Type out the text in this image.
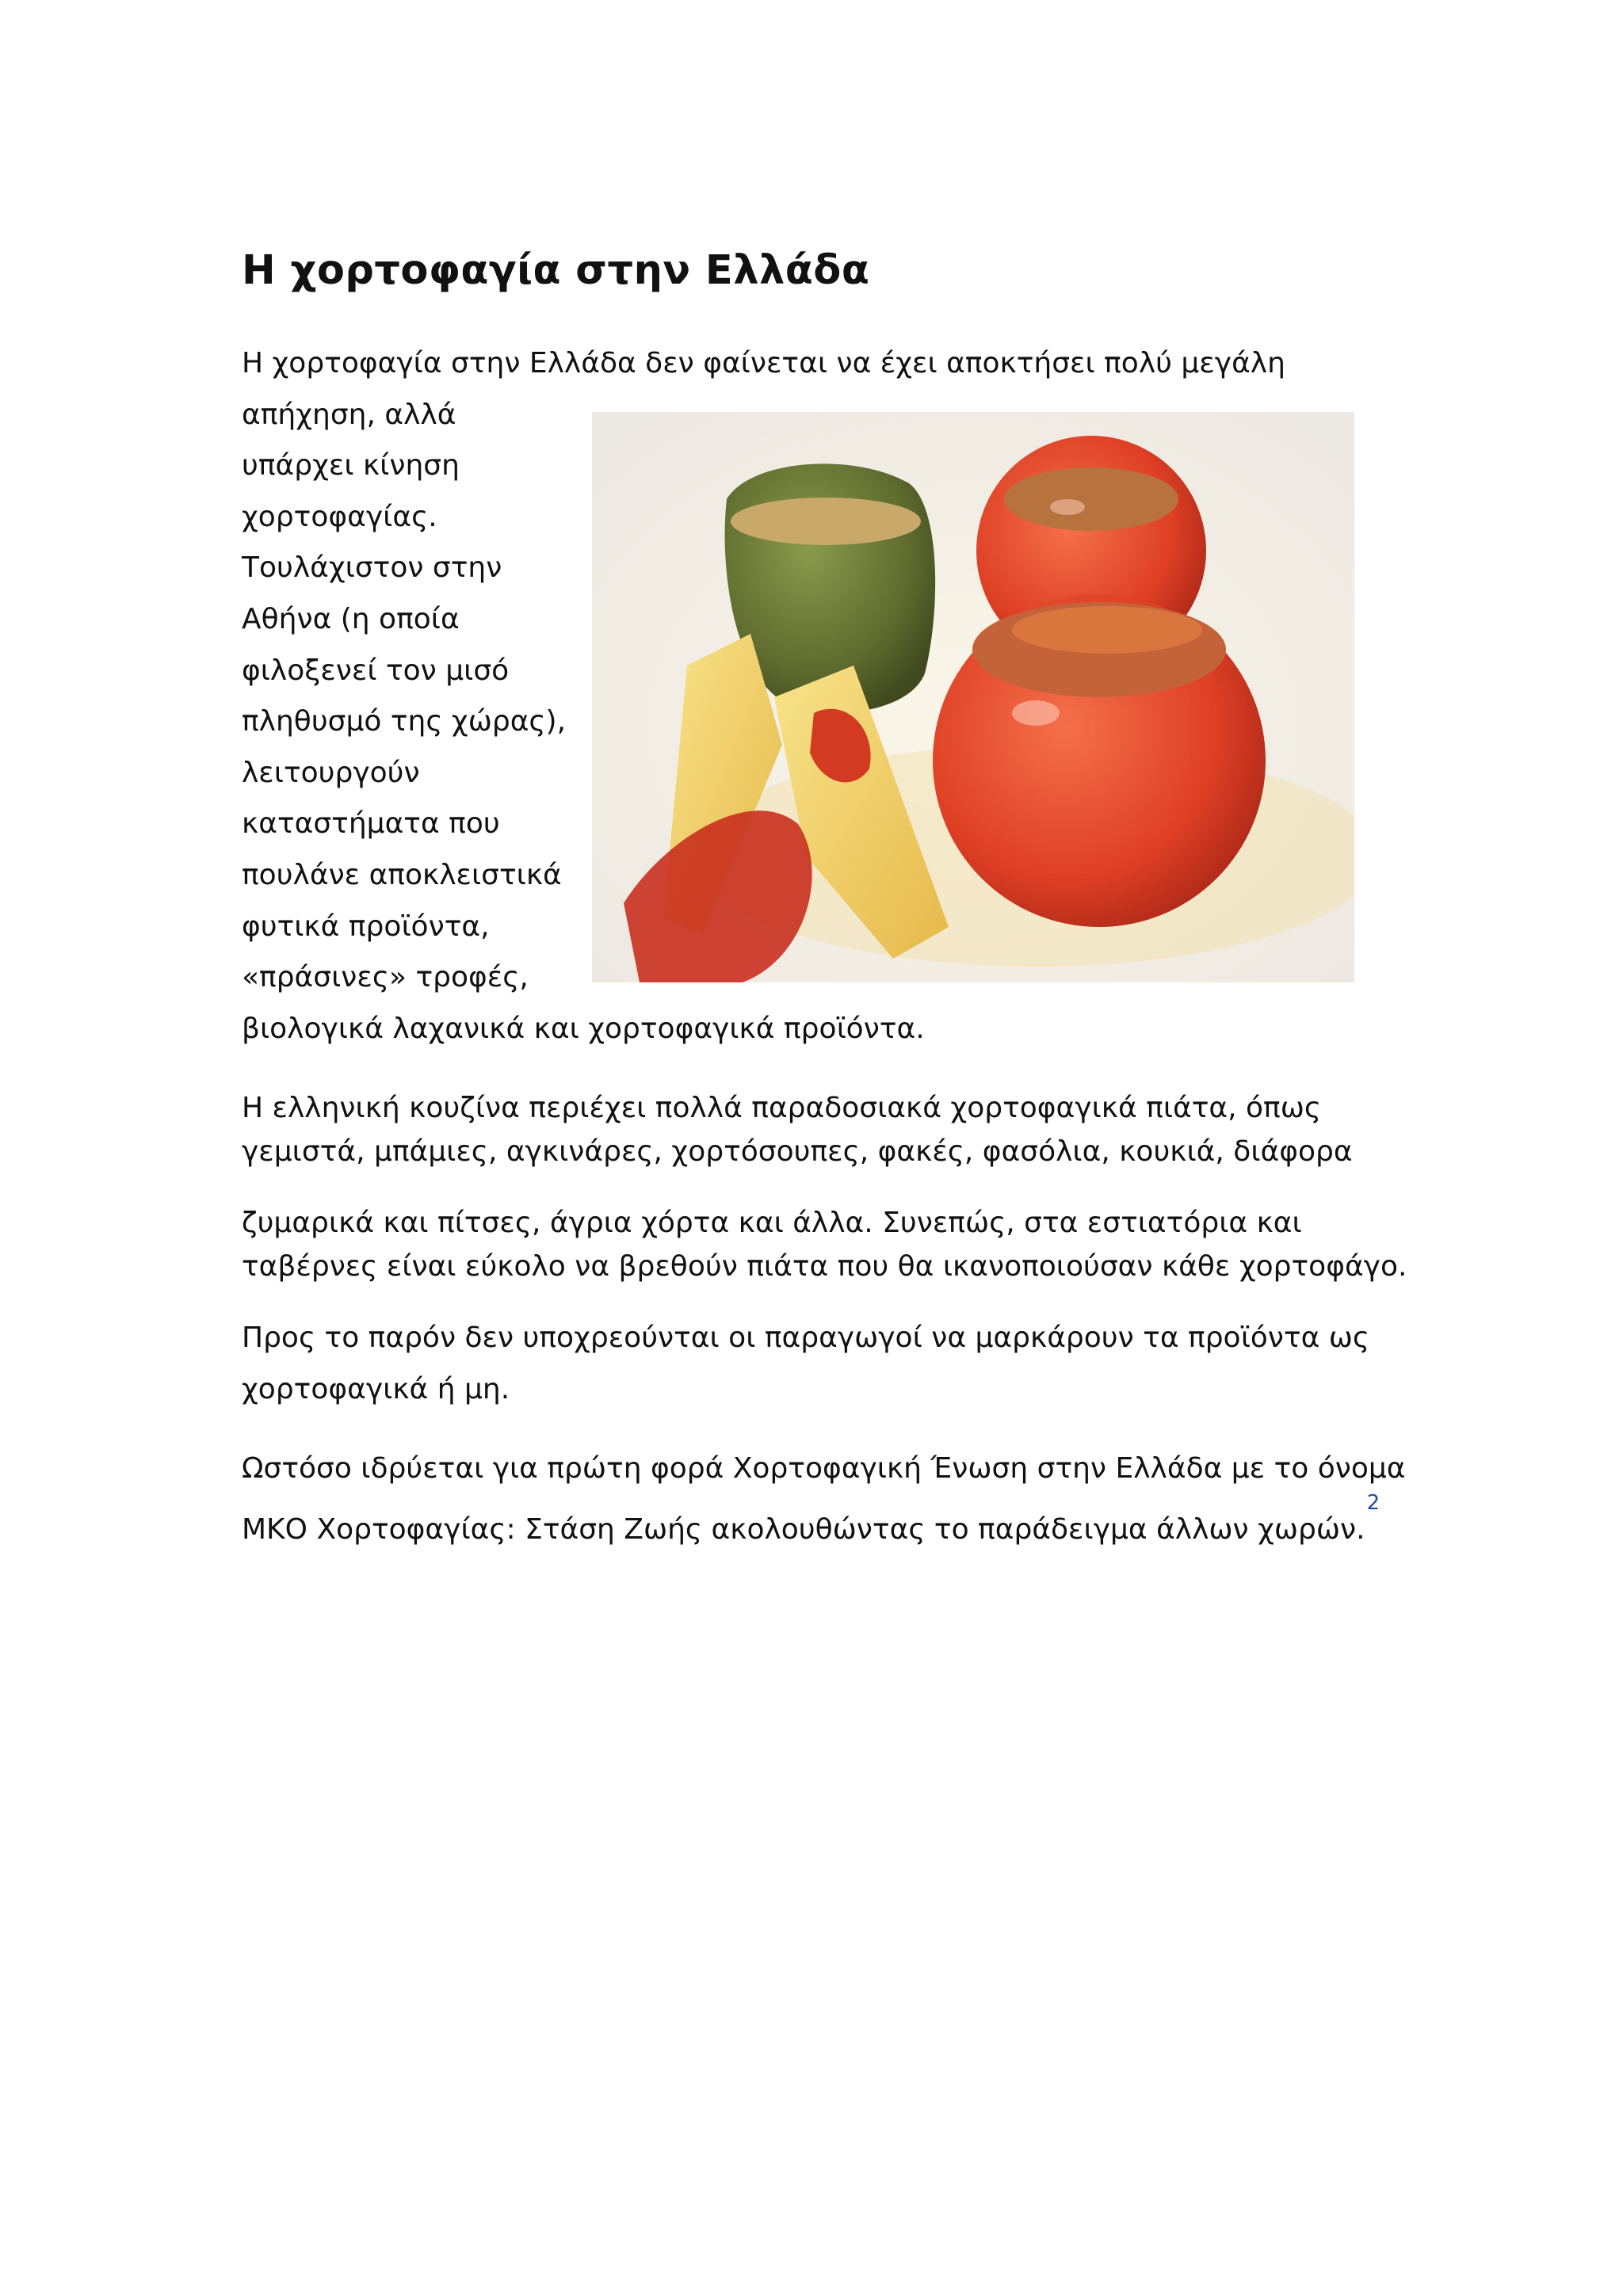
Η χορτοφαγία στην Ελλάδα
Η χορτοφαγία στην Ελλάδα δεν φαίνεται να έχει αποκτήσει πολύ μεγάλη
απήχηση, αλλά
υπάρχει κίνηση
χορτοφαγίας.
Τουλάχιστον στην
Αθήνα (η οποία
φιλοξενεί τον μισό
πληθυσμό της χώρας),
λειτουργούν
καταστήματα που
πουλάνε αποκλειστικά
φυτικά προϊόντα,
«πράσινες» τροφές,
βιολογικά λαχανικά και χορτοφαγικά προϊόντα.
Η ελληνική κουζίνα περιέχει πολλά παραδοσιακά χορτοφαγικά πιάτα, όπως
γεμιστά, μπάμιες, αγκινάρες, χορτόσουπες, φακές, φασόλια, κουκιά, διάφορα
ζυμαρικά και πίτσες, άγρια χόρτα και άλλα. Συνεπώς, στα εστιατόρια και
ταβέρνες είναι εύκολο να βρεθούν πιάτα που θα ικανοποιούσαν κάθε χορτοφάγο.
Προς το παρόν δεν υποχρεούνται οι παραγωγοί να μαρκάρουν τα προϊόντα ως
χορτοφαγικά ή μη.
Ωστόσο ιδρύεται για πρώτη φορά Χορτοφαγική Ένωση στην Ελλάδα με το όνομα
ΜΚΟ Χορτοφαγίας: Στάση Ζωής ακολουθώντας το παράδειγμα άλλων χωρών.$^2$
